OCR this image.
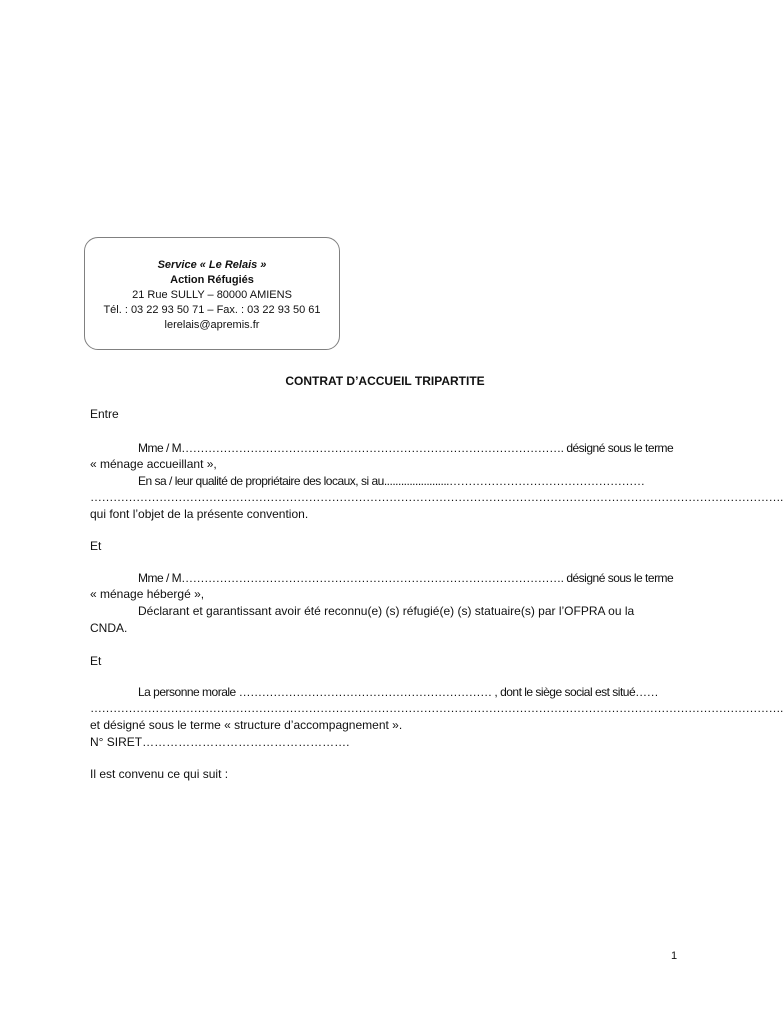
Service « Le Relais »
Action Réfugiés
21 Rue SULLY – 80000 AMIENS
Tél. : 03 22 93 50 71 – Fax. : 03 22 93 50 61
lerelais@apremis.fr
CONTRAT D’ACCUEIL TRIPARTITE
Entre
Mme / M………………………………………………………………………………………. désigné sous le terme
« ménage accueillant »,
En sa / leur qualité de propriétaire des locaux, si au.......................……………………………………………
……………………………………………………………………………………………………………………………………………………………….
qui font l’objet de la présente convention.
Et
Mme / M………………………………………………………………………………………. désigné sous le terme
« ménage hébergé »,
Déclarant et garantissant avoir été reconnu(e) (s) réfugié(e) (s) statuaire(s) par l’OFPRA ou la
CNDA.
Et
La personne morale ………………………………………………………… , dont le siège social est situé……
……………………………………………………………………………………………………………………………………………………………….
et désigné sous le terme « structure d’accompagnement ».
N° SIRET…………………………………………….
Il est convenu ce qui suit :
1
